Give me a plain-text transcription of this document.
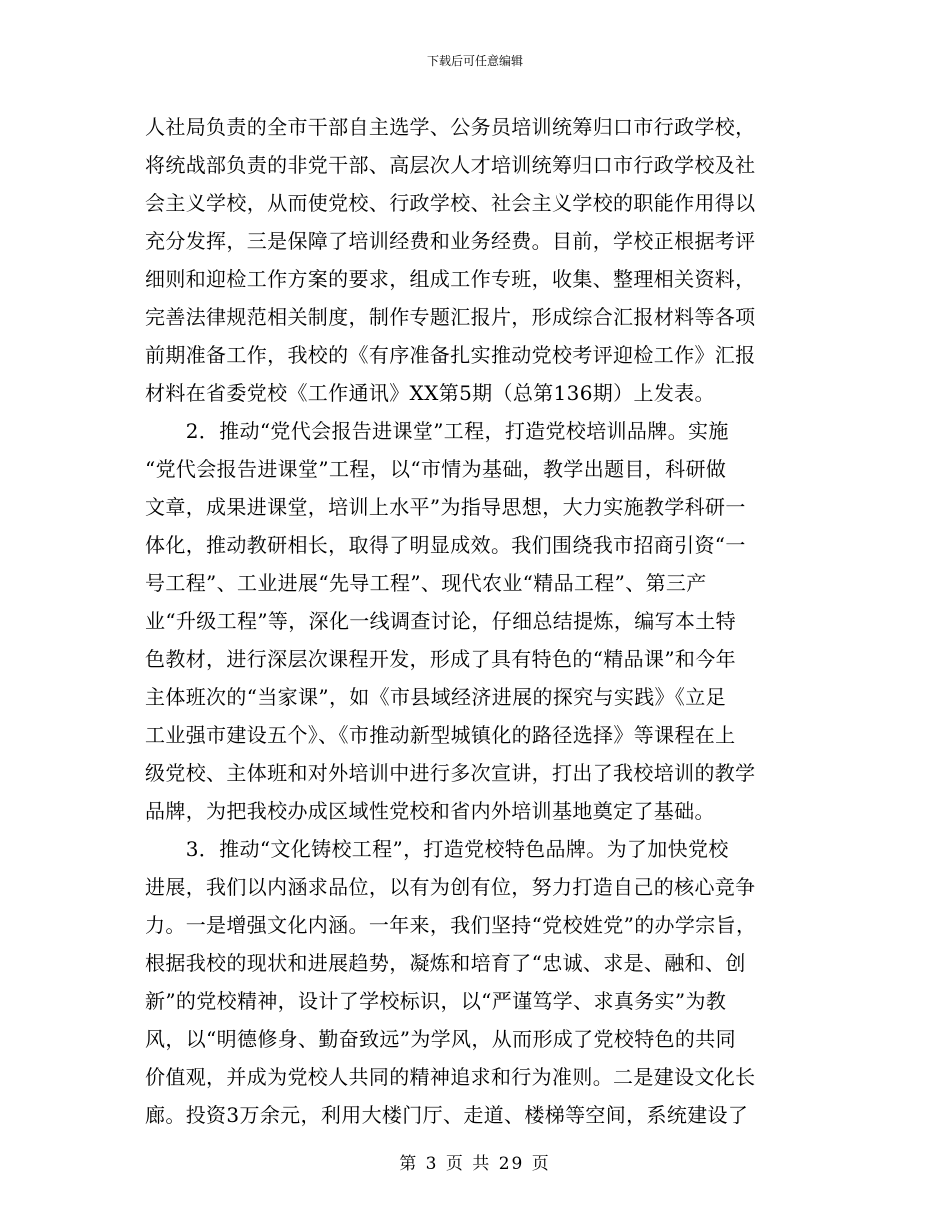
下载后可任意编辑
人社局负责的全市干部自主选学、公务员培训统筹归口市行政学校，
将统战部负责的非党干部、高层次人才培训统筹归口市行政学校及社
会主义学校，从而使党校、行政学校、社会主义学校的职能作用得以
充分发挥，三是保障了培训经费和业务经费。目前，学校正根据考评
细则和迎检工作方案的要求，组成工作专班，收集、整理相关资料，
完善法律规范相关制度，制作专题汇报片，形成综合汇报材料等各项
前期准备工作，我校的《有序准备扎实推动党校考评迎检工作》汇报
材料在省委党校《工作通讯》XX第5期（总第136期）上发表。
　　2．推动“党代会报告进课堂”工程，打造党校培训品牌。实施
“党代会报告进课堂”工程，以“市情为基础，教学出题目，科研做
文章，成果进课堂，培训上水平”为指导思想，大力实施教学科研一
体化，推动教研相长，取得了明显成效。我们围绕我市招商引资“一
号工程”、工业进展“先导工程”、现代农业“精品工程”、第三产
业“升级工程”等，深化一线调查讨论，仔细总结提炼，编写本土特
色教材，进行深层次课程开发，形成了具有特色的“精品课”和今年
主体班次的“当家课”，如《市县域经济进展的探究与实践》《立足
工业强市建设五个》、《市推动新型城镇化的路径选择》等课程在上
级党校、主体班和对外培训中进行多次宣讲，打出了我校培训的教学
品牌，为把我校办成区域性党校和省内外培训基地奠定了基础。
　　3．推动“文化铸校工程”，打造党校特色品牌。为了加快党校
进展，我们以内涵求品位，以有为创有位，努力打造自己的核心竞争
力。一是增强文化内涵。一年来，我们坚持“党校姓党”的办学宗旨，
根据我校的现状和进展趋势，凝炼和培育了“忠诚、求是、融和、创
新”的党校精神，设计了学校标识，以“严谨笃学、求真务实”为教
风，以“明德修身、勤奋致远”为学风，从而形成了党校特色的共同
价值观，并成为党校人共同的精神追求和行为准则。二是建设文化长
廊。投资3万余元，利用大楼门厅、走道、楼梯等空间，系统建设了
第 3 页 共 29 页
